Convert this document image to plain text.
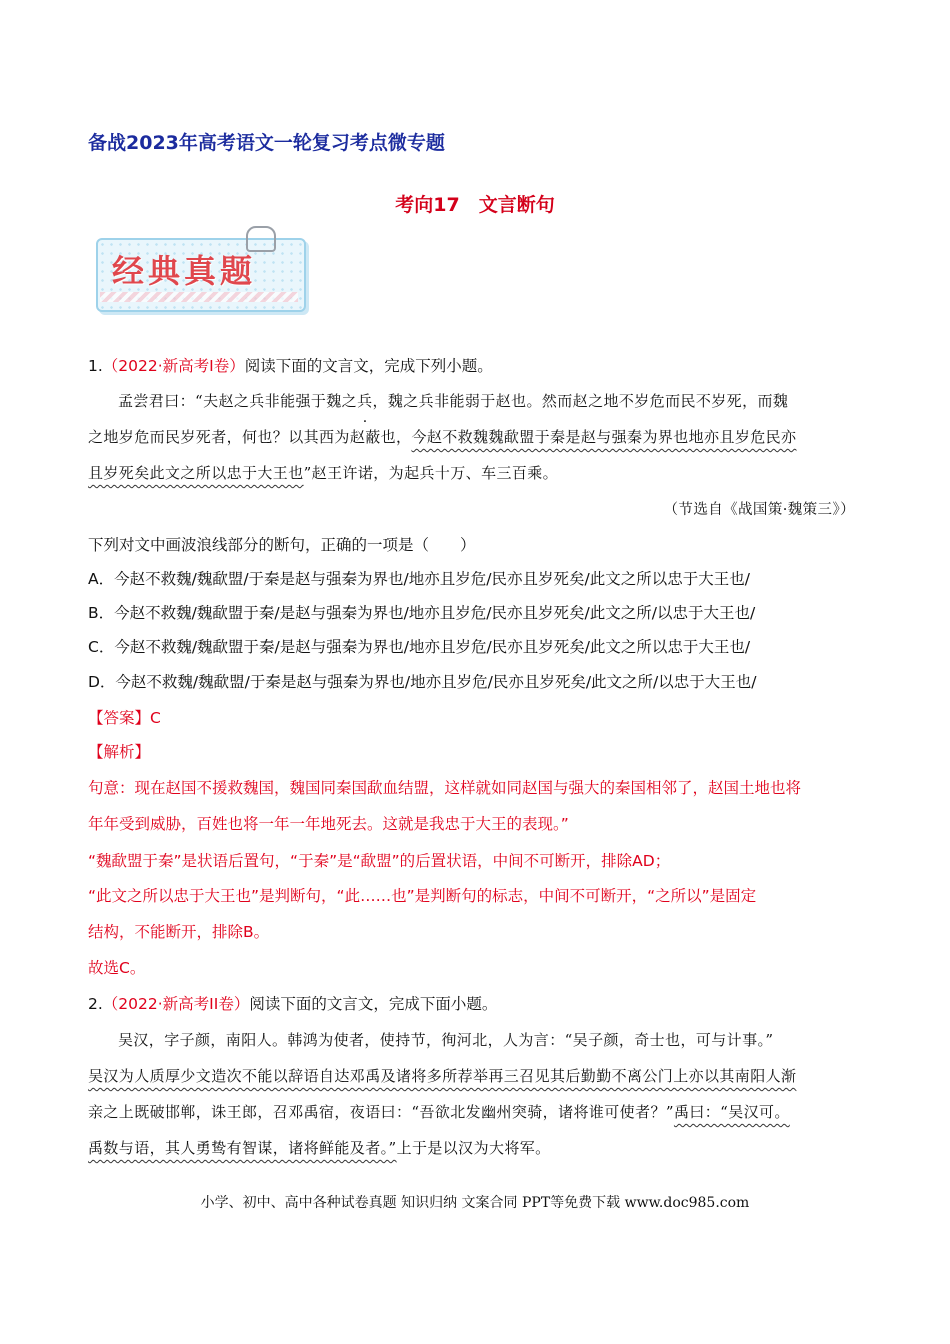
备战2023年高考语文一轮复习考点微专题
考向17　文言断句
经典真题
1.（2022·新高考I卷）阅读下面的文言文，完成下列小题。
孟尝君曰：“夫赵之兵非能强于魏之兵，魏之兵非能弱于赵也。然而赵之地不岁危而民不岁死，而魏
之地岁危而民岁死者，何也？以其西为赵蔽也，今赵不救魏魏歃盟于秦是赵与强秦为界也地亦且岁危民亦
且岁死矣此文之所以忠于大王也”赵王许诺，为起兵十万、车三百乘。
（节选自《战国策·魏策三》）
下列对文中画波浪线部分的断句，正确的一项是（　　）
A．今赵不救魏/魏歃盟/于秦是赵与强秦为界也/地亦且岁危/民亦且岁死矣/此文之所以忠于大王也/
B．今赵不救魏/魏歃盟于秦/是赵与强秦为界也/地亦且岁危/民亦且岁死矣/此文之所/以忠于大王也/
C．今赵不救魏/魏歃盟于秦/是赵与强秦为界也/地亦且岁危/民亦且岁死矣/此文之所以忠于大王也/
D．今赵不救魏/魏歃盟/于秦是赵与强秦为界也/地亦且岁危/民亦且岁死矣/此文之所/以忠于大王也/
【答案】C
【解析】
句意：现在赵国不援救魏国，魏国同秦国歃血结盟，这样就如同赵国与强大的秦国相邻了，赵国土地也将
年年受到威胁，百姓也将一年一年地死去。这就是我忠于大王的表现。”
“魏歃盟于秦”是状语后置句，“于秦”是“歃盟”的后置状语，中间不可断开，排除AD；
“此文之所以忠于大王也”是判断句，“此……也”是判断句的标志，中间不可断开，“之所以”是固定
结构，不能断开，排除B。
故选C。
2.（2022·新高考II卷）阅读下面的文言文，完成下面小题。
吴汉，字子颜，南阳人。韩鸿为使者，使持节，徇河北，人为言：“吴子颜，奇士也，可与计事。”
吴汉为人质厚少文造次不能以辞语自达邓禹及诸将多所荐举再三召见其后勤勤不离公门上亦以其南阳人渐
亲之上既破邯郸，诛王郎，召邓禹宿，夜语曰：“吾欲北发幽州突骑，诸将谁可使者？”禹曰：“吴汉可。
禹数与语，其人勇鸷有智谋，诸将鲜能及者。”上于是以汉为大将军。
小学、初中、高中各种试卷真题 知识归纳 文案合同 PPT等免费下载 www.doc985.com
